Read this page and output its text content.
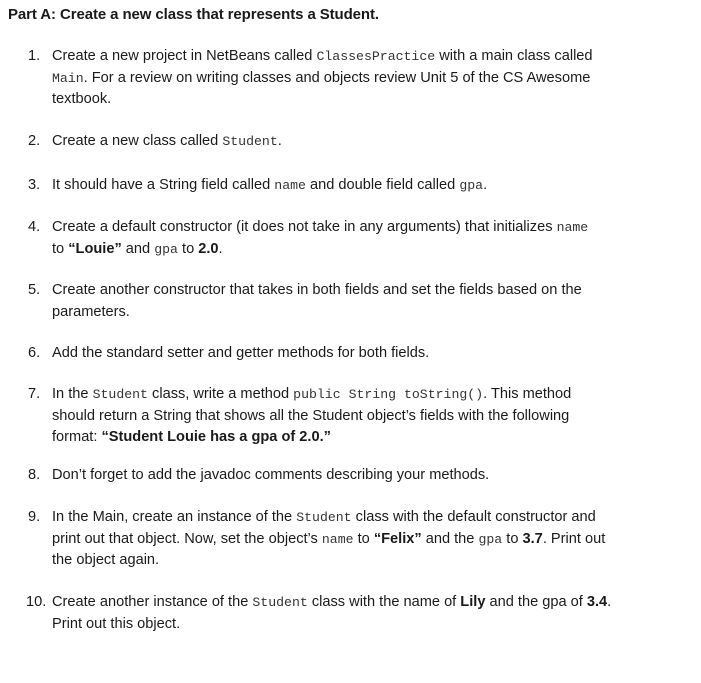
Part A: Create a new class that represents a Student.
1. Create a new project in NetBeans called ClassesPractice with a main class called Main. For a review on writing classes and objects review Unit 5 of the CS Awesome textbook.
2. Create a new class called Student.
3. It should have a String field called name and double field called gpa.
4. Create a default constructor (it does not take in any arguments) that initializes name to “Louie” and gpa to 2.0.
5. Create another constructor that takes in both fields and set the fields based on the parameters.
6. Add the standard setter and getter methods for both fields.
7. In the Student class, write a method public String toString(). This method should return a String that shows all the Student object’s fields with the following format: “Student Louie has a gpa of 2.0.”
8. Don’t forget to add the javadoc comments describing your methods.
9. In the Main, create an instance of the Student class with the default constructor and print out that object. Now, set the object’s name to “Felix” and the gpa to 3.7. Print out the object again.
10. Create another instance of the Student class with the name of Lily and the gpa of 3.4. Print out this object.
